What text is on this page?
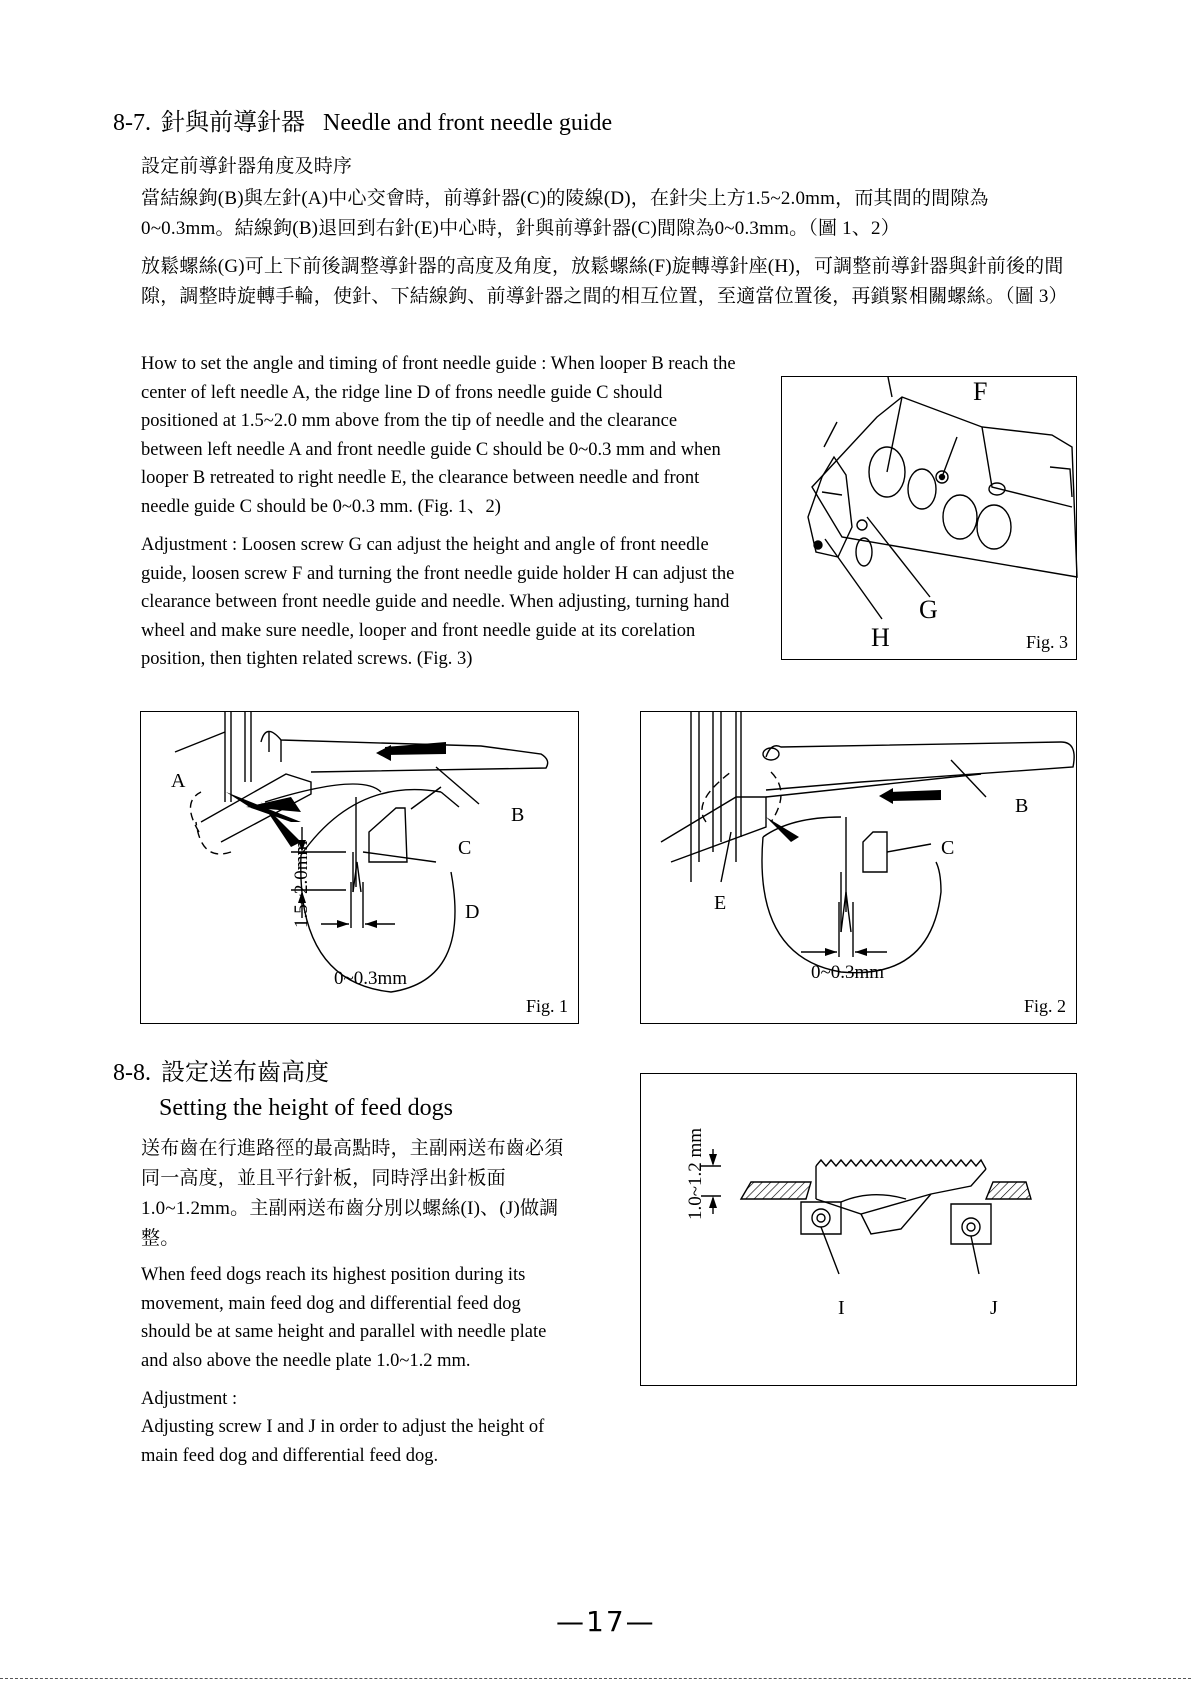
8-7. 針與前導針器 Needle and front needle guide
設定前導針器角度及時序
當結線鉤(B)與左針(A)中心交會時，前導針器(C)的陵線(D)，在針尖上方1.5~2.0mm，而其間的間隙為0~0.3mm。結線鉤(B)退回到右針(E)中心時，針與前導針器(C)間隙為0~0.3mm。（圖 1、2）
放鬆螺絲(G)可上下前後調整導針器的高度及角度，放鬆螺絲(F)旋轉導針座(H)，可調整前導針器與針前後的間隙，調整時旋轉手輪，使針、下結線鉤、前導針器之間的相互位置，至適當位置後，再鎖緊相關螺絲。（圖 3）
How to set the angle and timing of front needle guide : When looper B reach the center of left needle A, the ridge line D of frons needle guide C should positioned at 1.5~2.0 mm above from the tip of needle and the clearance between left needle A and front needle guide C should be 0~0.3 mm and when looper B retreated to right needle E, the clearance between needle and front needle guide C should be 0~0.3 mm. (Fig. 1、2)
Adjustment : Loosen screw G can adjust the height and angle of front needle guide, loosen screw F and turning the front needle guide holder H can adjust the clearance between front needle guide and needle. When adjusting, turning hand wheel and make sure needle, looper and front needle guide at its corelation position, then tighten related screws. (Fig. 3)
F
G
H	Fig. 3
A
B
C
D
1.5~2.0mm
0~0.3mm
Fig. 1
B
C
E
0~0.3mm
Fig. 2
8-8. 設定送布齒高度
Setting the height of feed dogs
送布齒在行進路徑的最高點時，主副兩送布齒必須同一高度，並且平行針板，同時浮出針板面1.0~1.2mm。主副兩送布齒分別以螺絲(I)、(J)做調整。
When feed dogs reach its highest position during its movement, main feed dog and differential feed dog should be at same height and parallel with needle plate and also above the needle plate 1.0~1.2 mm.
Adjustment :
Adjusting screw I and J in order to adjust the height of main feed dog and differential feed dog.
1.0~1.2 mm
I	J
—17—
